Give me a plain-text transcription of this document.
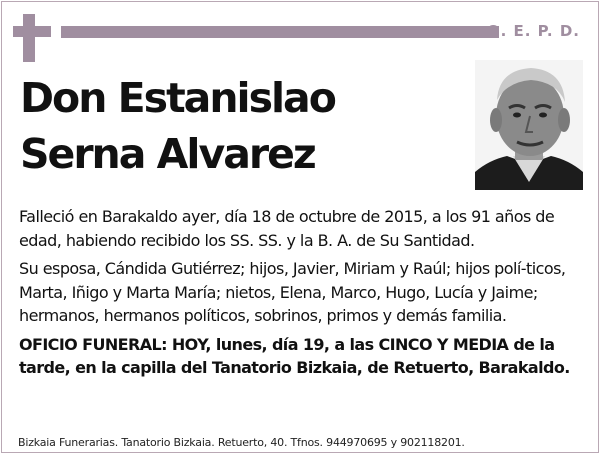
Q. E. P. D.
Don Estanislao
Serna Alvarez

Falleció en Barakaldo ayer, día 18 de octubre de 2015, a los 91 años de edad, habiendo recibido los SS. SS. y la B. A. de Su Santidad.

Su esposa, Cándida Gutiérrez; hijos, Javier, Miriam y Raúl; hijos polí-ticos, Marta, Iñigo y Marta María; nietos, Elena, Marco, Hugo, Lucía y Jaime; hermanos, hermanos políticos, sobrinos, primos y demás familia.

OFICIO FUNERAL: HOY, lunes, día 19, a las CINCO Y MEDIA de la tarde, en la capilla del Tanatorio Bizkaia, de Retuerto, Barakaldo.

Bizkaia Funerarias. Tanatorio Bizkaia. Retuerto, 40. Tfnos. 944970695 y 902118201.
